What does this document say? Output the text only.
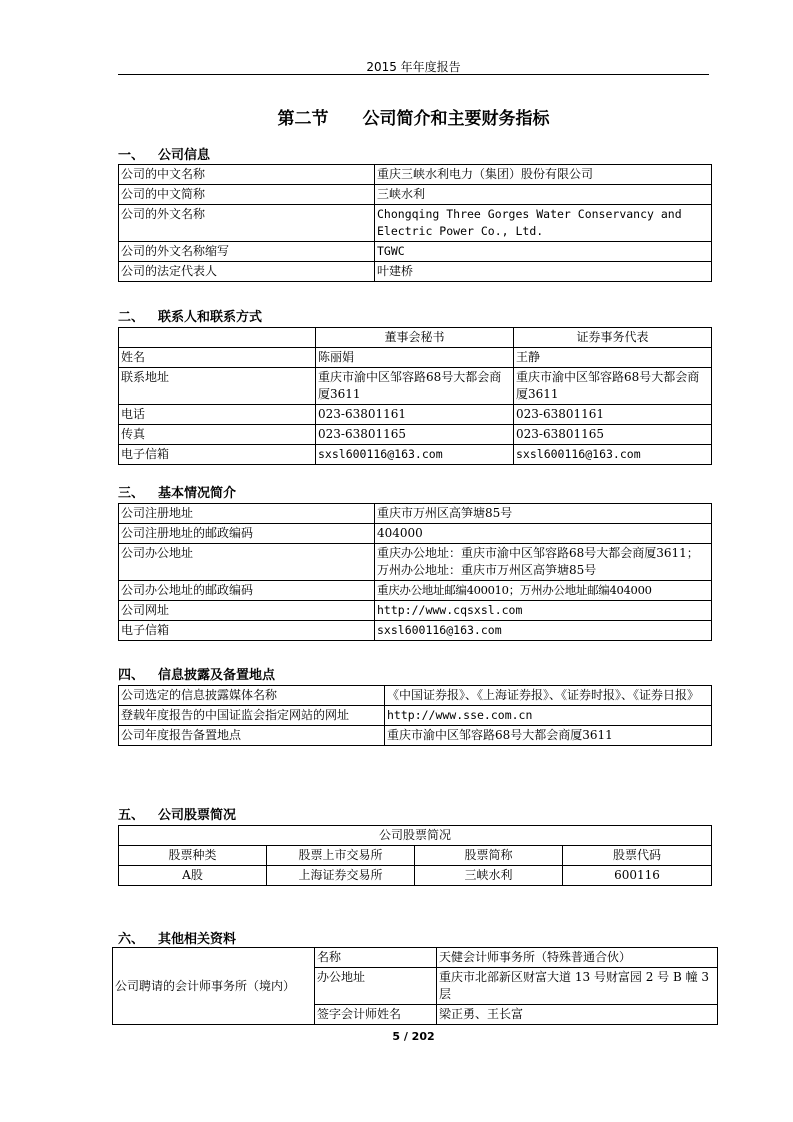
2015 年年度报告
第二节 公司简介和主要财务指标
一、 公司信息
公司的中文名称	重庆三峡水利电力（集团）股份有限公司
公司的中文简称	三峡水利
公司的外文名称	Chongqing Three Gorges Water Conservancy and Electric Power Co., Ltd.
公司的外文名称缩写	TGWC
公司的法定代表人	叶建桥
二、 联系人和联系方式
	董事会秘书	证券事务代表
姓名	陈丽娟	王静
联系地址	重庆市渝中区邹容路68号大都会商厦3611	重庆市渝中区邹容路68号大都会商厦3611
电话	023-63801161	023-63801161
传真	023-63801165	023-63801165
电子信箱	sxsl600116@163.com	sxsl600116@163.com
三、 基本情况简介
公司注册地址	重庆市万州区高笋塘85号
公司注册地址的邮政编码	404000
公司办公地址	重庆办公地址：重庆市渝中区邹容路68号大都会商厦3611；万州办公地址：重庆市万州区高笋塘85号
公司办公地址的邮政编码	重庆办公地址邮编400010；万州办公地址邮编404000
公司网址	http://www.cqsxsl.com
电子信箱	sxsl600116@163.com
四、 信息披露及备置地点
公司选定的信息披露媒体名称	《中国证券报》、《上海证券报》、《证券时报》、《证券日报》
登载年度报告的中国证监会指定网站的网址	http://www.sse.com.cn
公司年度报告备置地点	重庆市渝中区邹容路68号大都会商厦3611
五、 公司股票简况
公司股票简况			
股票种类	股票上市交易所	股票简称	股票代码
A股	上海证券交易所	三峡水利	600116
六、 其他相关资料
公司聘请的会计师事务所（境内）	名称	天健会计师事务所（特殊普通合伙）
	办公地址	重庆市北部新区财富大道 13 号财富园 2 号 B 幢 3 层
	签字会计师姓名	梁正勇、王长富
5 / 202
